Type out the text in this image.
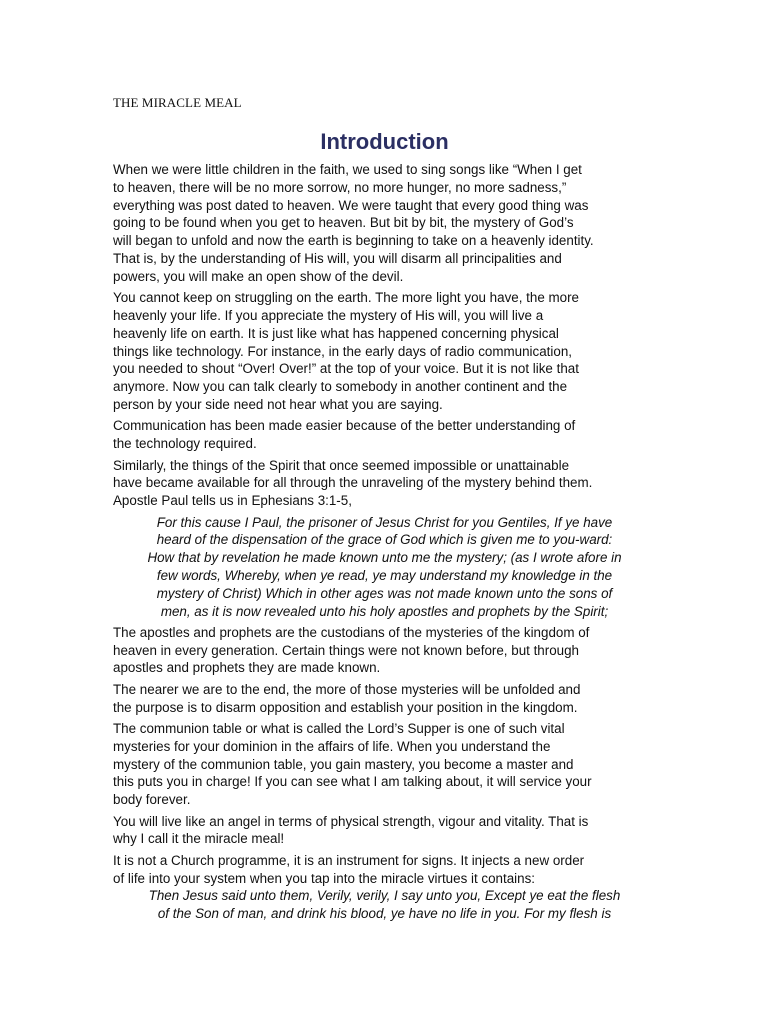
THE MIRACLE MEAL
Introduction
When we were little children in the faith, we used to sing songs like “When I get
to heaven, there will be no more sorrow, no more hunger, no more sadness,”
everything was post dated to heaven. We were taught that every good thing was
going to be found when you get to heaven. But bit by bit, the mystery of God’s
will began to unfold and now the earth is beginning to take on a heavenly identity.
That is, by the understanding of His will, you will disarm all principalities and
powers, you will make an open show of the devil.
You cannot keep on struggling on the earth. The more light you have, the more
heavenly your life. If you appreciate the mystery of His will, you will live a
heavenly life on earth. It is just like what has happened concerning physical
things like technology. For instance, in the early days of radio communication,
you needed to shout “Over! Over!” at the top of your voice. But it is not like that
anymore. Now you can talk clearly to somebody in another continent and the
person by your side need not hear what you are saying.
Communication has been made easier because of the better understanding of
the technology required.
Similarly, the things of the Spirit that once seemed impossible or unattainable
have became available for all through the unraveling of the mystery behind them.
Apostle Paul tells us in Ephesians 3:1-5,
For this cause I Paul, the prisoner of Jesus Christ for you Gentiles, If ye have
heard of the dispensation of the grace of God which is given me to you-ward:
How that by revelation he made known unto me the mystery; (as I wrote afore in
few words, Whereby, when ye read, ye may understand my knowledge in the
mystery of Christ) Which in other ages was not made known unto the sons of
men, as it is now revealed unto his holy apostles and prophets by the Spirit;
The apostles and prophets are the custodians of the mysteries of the kingdom of
heaven in every generation. Certain things were not known before, but through
apostles and prophets they are made known.
The nearer we are to the end, the more of those mysteries will be unfolded and
the purpose is to disarm opposition and establish your position in the kingdom.
The communion table or what is called the Lord’s Supper is one of such vital
mysteries for your dominion in the affairs of life. When you understand the
mystery of the communion table, you gain mastery, you become a master and
this puts you in charge! If you can see what I am talking about, it will service your
body forever.
You will live like an angel in terms of physical strength, vigour and vitality. That is
why I call it the miracle meal!
It is not a Church programme, it is an instrument for signs. It injects a new order
of life into your system when you tap into the miracle virtues it contains:
Then Jesus said unto them, Verily, verily, I say unto you, Except ye eat the flesh
of the Son of man, and drink his blood, ye have no life in you. For my flesh is
